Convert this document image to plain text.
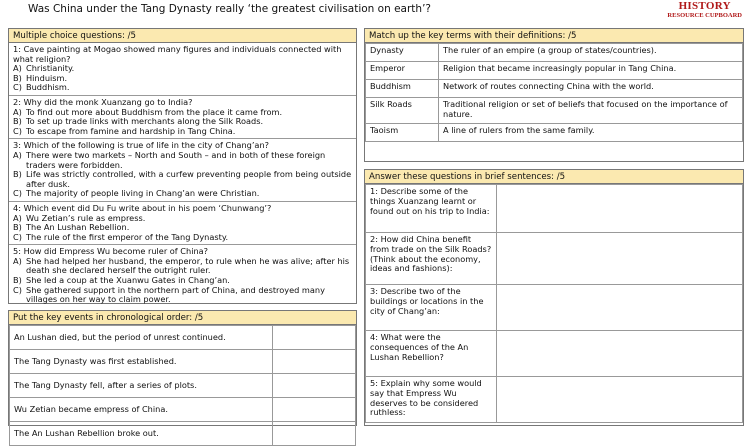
Was China under the Tang Dynasty really ‘the greatest civilisation on earth’?	HISTORY
RESOURCE CUPBOARD
Multiple choice questions: /5
1: Cave painting at Mogao showed many figures and individuals connected with what religion?
A) Christianity.
B) Hinduism.
C) Buddhism.
2: Why did the monk Xuanzang go to India?
A) To find out more about Buddhism from the place it came from.
B) To set up trade links with merchants along the Silk Roads.
C) To escape from famine and hardship in Tang China.
3: Which of the following is true of life in the city of Chang’an?
A) There were two markets – North and South – and in both of these foreign traders were forbidden.
B) Life was strictly controlled, with a curfew preventing people from being outside after dusk.
C) The majority of people living in Chang’an were Christian.
4: Which event did Du Fu write about in his poem ‘Chunwang’?
A) Wu Zetian’s rule as empress.
B) The An Lushan Rebellion.
C) The rule of the first emperor of the Tang Dynasty.
5: How did Empress Wu become ruler of China?
A) She had helped her husband, the emperor, to rule when he was alive; after his death she declared herself the outright ruler.
B) She led a coup at the Xuanwu Gates in Chang’an.
C) She gathered support in the northern part of China, and destroyed many villages on her way to claim power.
Put the key events in chronological order: /5
An Lushan died, but the period of unrest continued.	
The Tang Dynasty was first established.	
The Tang Dynasty fell, after a series of plots.	
Wu Zetian became empress of China.	
The An Lushan Rebellion broke out.	
Match up the key terms with their definitions: /5
Dynasty	The ruler of an empire (a group of states/countries).
Emperor	Religion that became increasingly popular in Tang China.
Buddhism	Network of routes connecting China with the world.
Silk Roads	Traditional religion or set of beliefs that focused on the importance of nature.
Taoism	A line of rulers from the same family.
Answer these questions in brief sentences: /5
1: Describe some of the things Xuanzang learnt or found out on his trip to India:	
2: How did China benefit from trade on the Silk Roads? (Think about the economy, ideas and fashions):	
3: Describe two of the buildings or locations in the city of Chang’an:	
4: What were the consequences of the An Lushan Rebellion?	
5: Explain why some would say that Empress Wu deserves to be considered ruthless:	
